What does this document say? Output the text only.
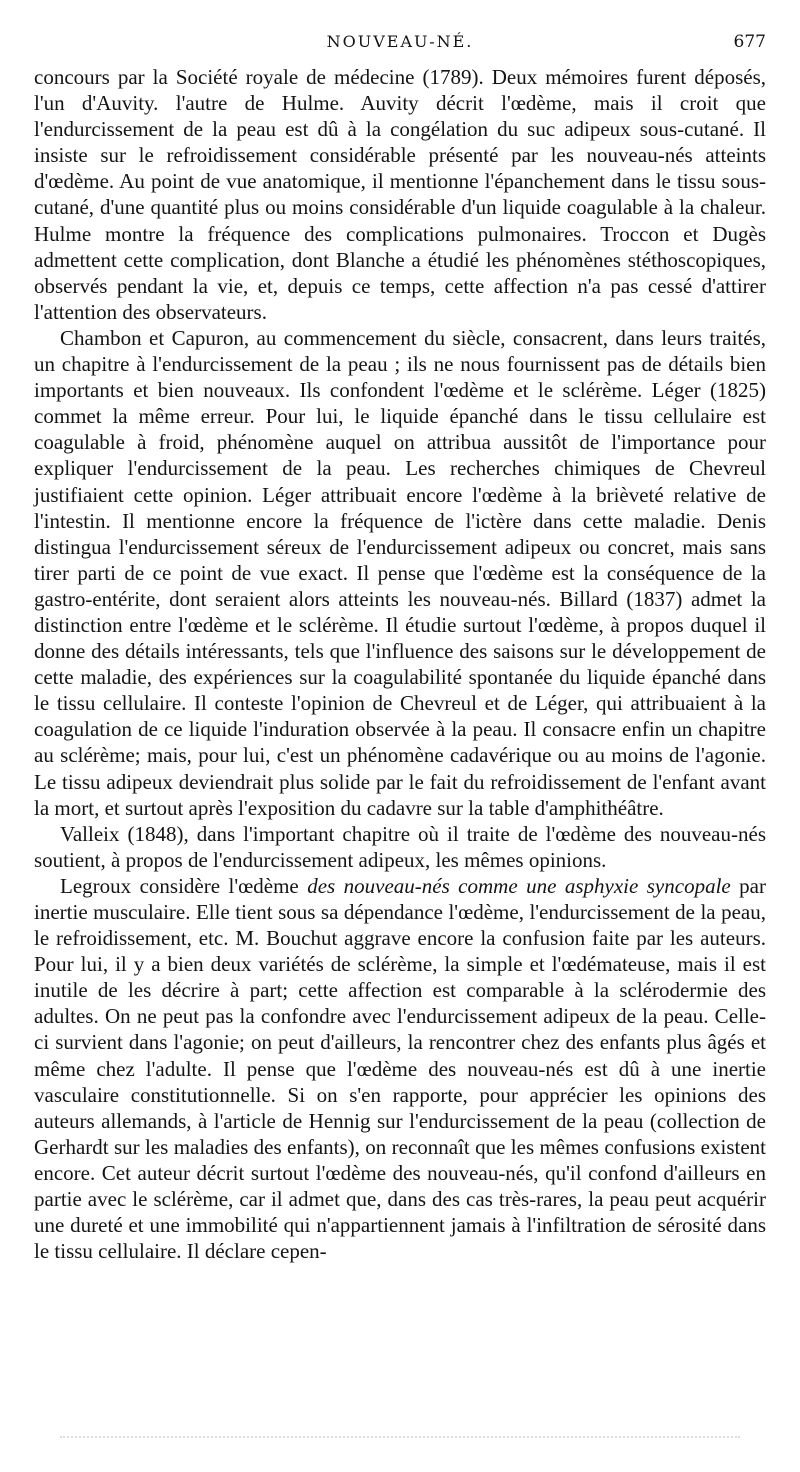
NOUVEAU-NÉ.	677

concours par la Société royale de médecine (1789). Deux mémoires furent déposés, l'un d'Auvity. l'autre de Hulme. Auvity décrit l'œdème, mais il croit que l'endurcissement de la peau est dû à la congélation du suc adipeux sous-cutané. Il insiste sur le refroidissement considérable présenté par les nouveau-nés atteints d'œdème. Au point de vue anatomique, il mentionne l'épanchement dans le tissu sous-cutané, d'une quantité plus ou moins considérable d'un liquide coagulable à la chaleur. Hulme montre la fréquence des complications pulmonaires. Troccon et Dugès admettent cette complication, dont Blanche a étudié les phénomènes stéthoscopiques, observés pendant la vie, et, depuis ce temps, cette affection n'a pas cessé d'attirer l'attention des observateurs.

Chambon et Capuron, au commencement du siècle, consacrent, dans leurs traités, un chapitre à l'endurcissement de la peau ; ils ne nous fournissent pas de détails bien importants et bien nouveaux. Ils confondent l'œdème et le sclérème. Léger (1825) commet la même erreur. Pour lui, le liquide épanché dans le tissu cellulaire est coagulable à froid, phénomène auquel on attribua aussitôt de l'importance pour expliquer l'endurcissement de la peau. Les recherches chimiques de Chevreul justifiaient cette opinion. Léger attribuait encore l'œdème à la brièveté relative de l'intestin. Il mentionne encore la fréquence de l'ictère dans cette maladie. Denis distingua l'endurcissement séreux de l'endurcissement adipeux ou concret, mais sans tirer parti de ce point de vue exact. Il pense que l'œdème est la conséquence de la gastro-entérite, dont seraient alors atteints les nouveau-nés. Billard (1837) admet la distinction entre l'œdème et le sclérème. Il étudie surtout l'œdème, à propos duquel il donne des détails intéressants, tels que l'influence des saisons sur le développement de cette maladie, des expériences sur la coagulabilité spontanée du liquide épanché dans le tissu cellulaire. Il conteste l'opinion de Chevreul et de Léger, qui attribuaient à la coagulation de ce liquide l'induration observée à la peau. Il consacre enfin un chapitre au sclérème; mais, pour lui, c'est un phénomène cadavérique ou au moins de l'agonie. Le tissu adipeux deviendrait plus solide par le fait du refroidissement de l'enfant avant la mort, et surtout après l'exposition du cadavre sur la table d'amphithéâtre.

Valleix (1848), dans l'important chapitre où il traite de l'œdème des nouveau-nés soutient, à propos de l'endurcissement adipeux, les mêmes opinions.

Legroux considère l'œdème des nouveau-nés comme une asphyxie syncopale par inertie musculaire. Elle tient sous sa dépendance l'œdème, l'endurcissement de la peau, le refroidissement, etc. M. Bouchut aggrave encore la confusion faite par les auteurs. Pour lui, il y a bien deux variétés de sclérème, la simple et l'œdémateuse, mais il est inutile de les décrire à part; cette affection est comparable à la sclérodermie des adultes. On ne peut pas la confondre avec l'endurcissement adipeux de la peau. Celle-ci survient dans l'agonie; on peut d'ailleurs, la rencontrer chez des enfants plus âgés et même chez l'adulte. Il pense que l'œdème des nouveau-nés est dû à une inertie vasculaire constitutionnelle. Si on s'en rapporte, pour apprécier les opinions des auteurs allemands, à l'article de Hennig sur l'endurcissement de la peau (collection de Gerhardt sur les maladies des enfants), on reconnaît que les mêmes confusions existent encore. Cet auteur décrit surtout l'œdème des nouveau-nés, qu'il confond d'ailleurs en partie avec le sclérème, car il admet que, dans des cas très-rares, la peau peut acquérir une dureté et une immobilité qui n'appartiennent jamais à l'infiltration de sérosité dans le tissu cellulaire. Il déclare cepen-
